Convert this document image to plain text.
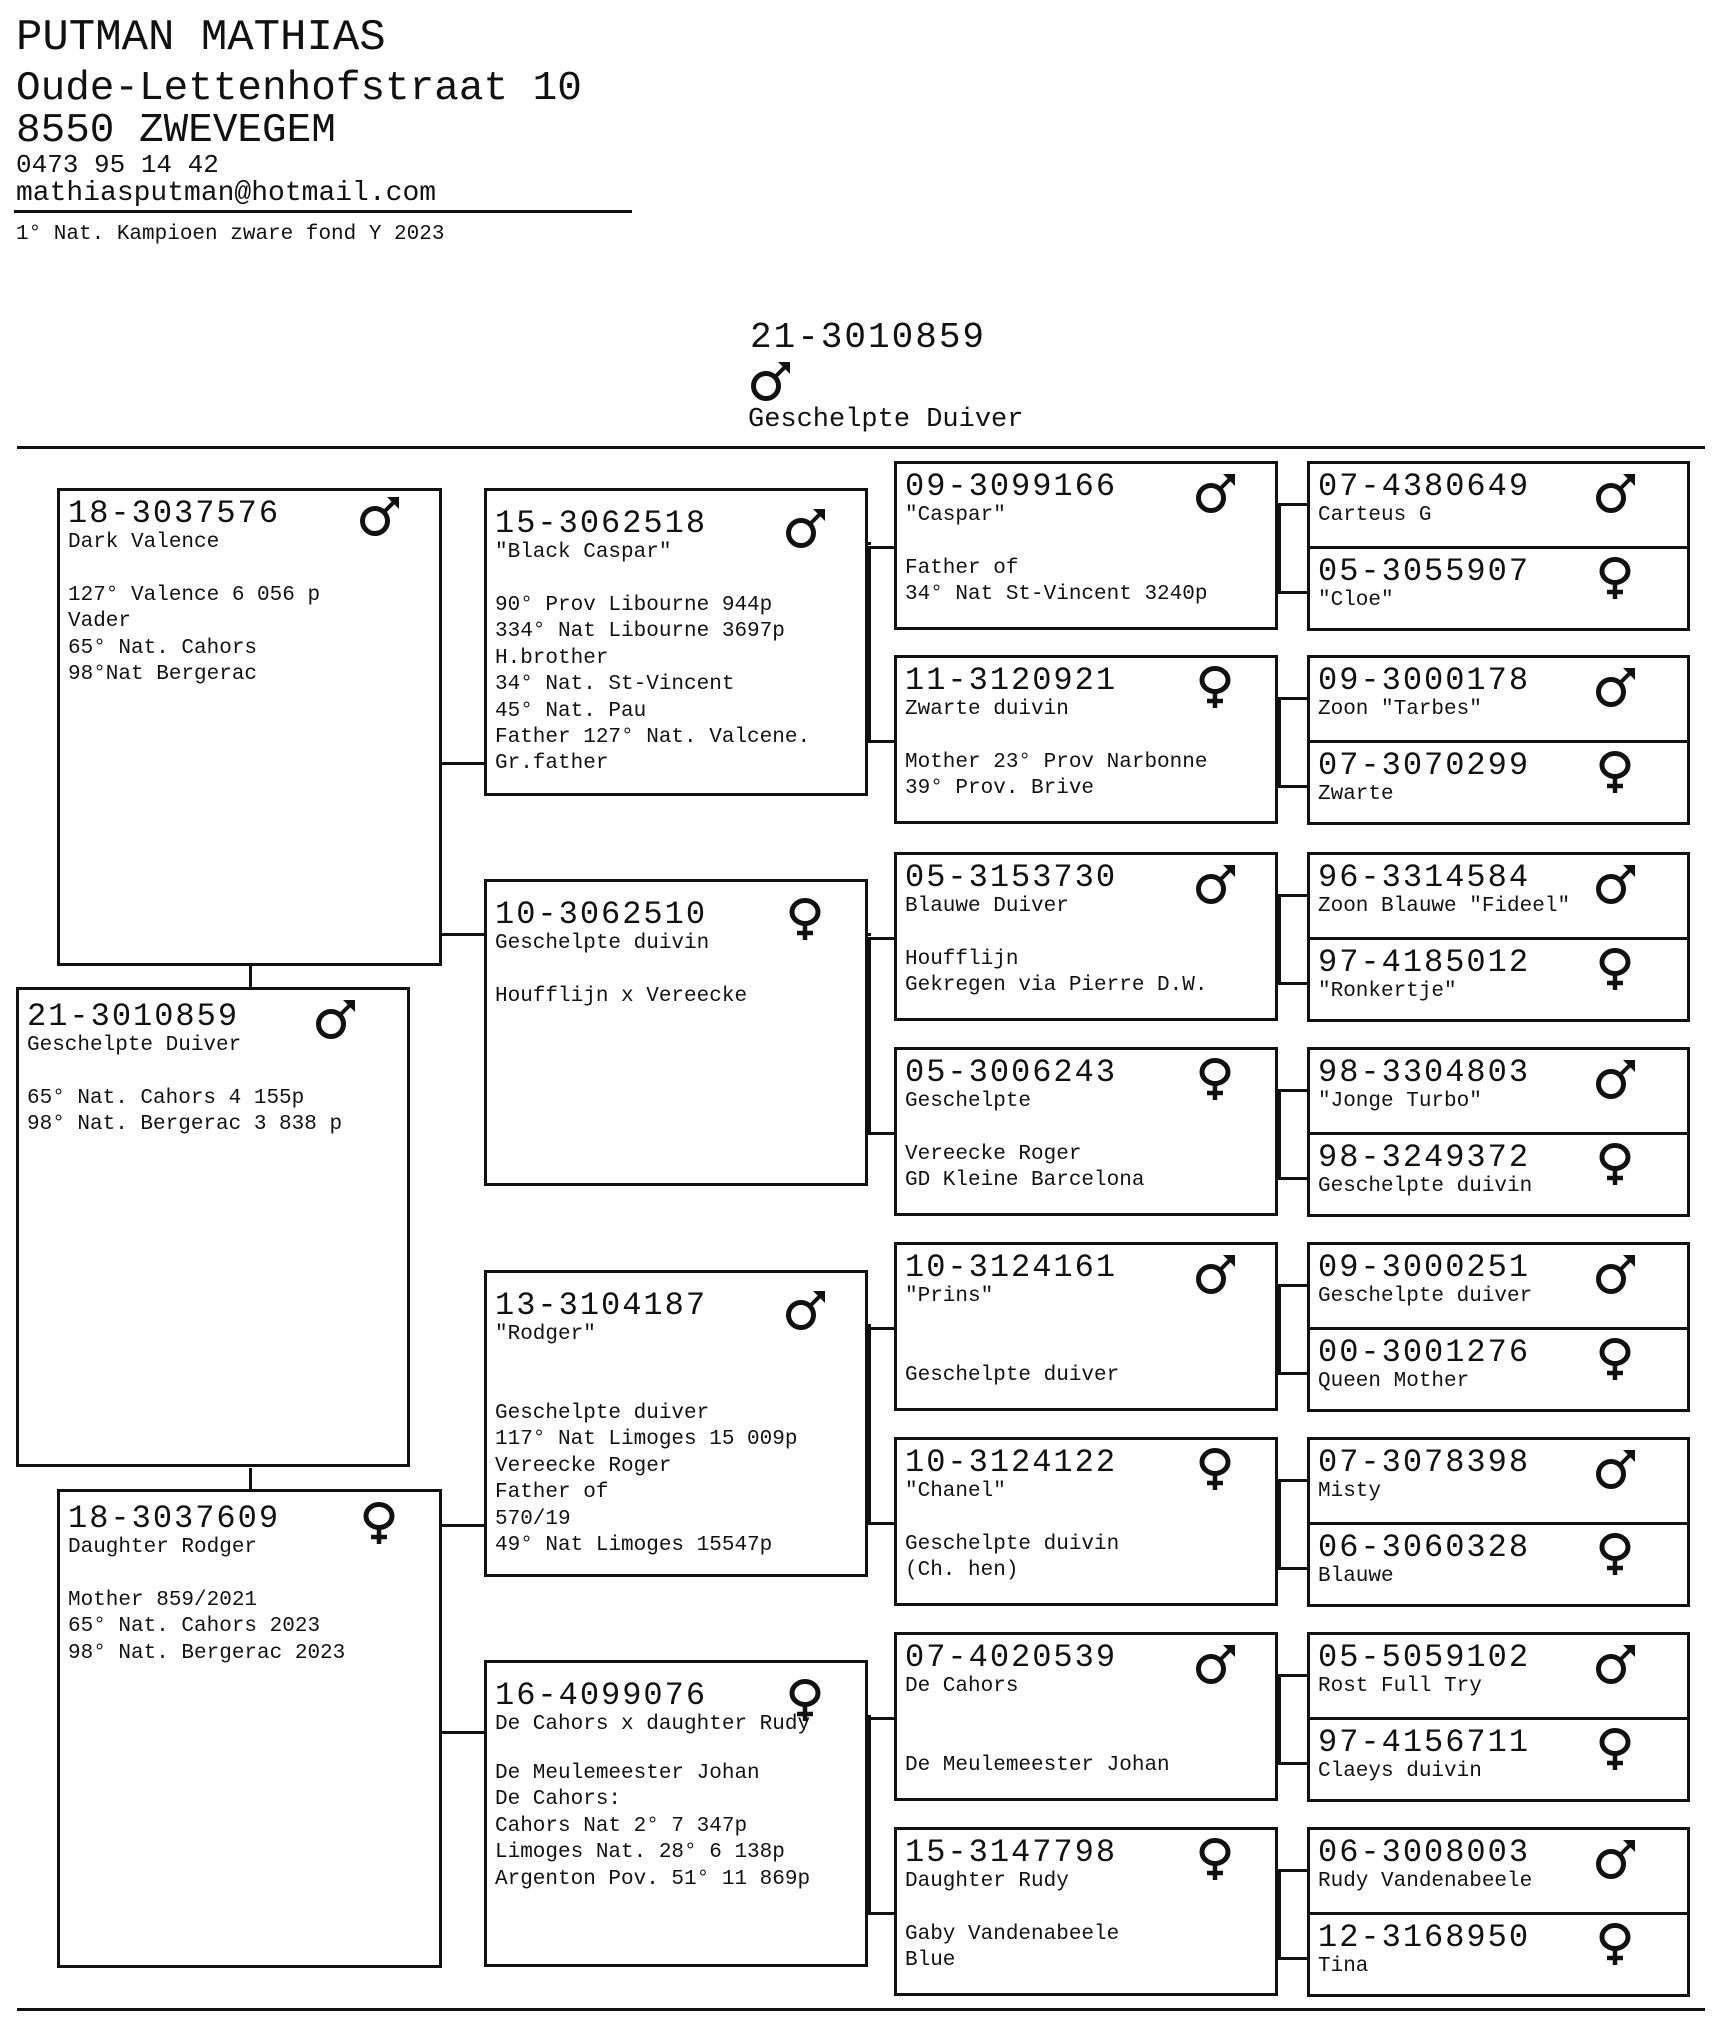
PUTMAN MATHIAS
Oude-Lettenhofstraat 10
8550 ZWEVEGEM
0473 95 14 42
mathiasputman@hotmail.com
1° Nat. Kampioen zware fond Y 2023
21-3010859
Geschelpte Duiver
18-3037576
Dark Valence
127° Valence 6 056 p
Vader
65° Nat. Cahors
98°Nat Bergerac
21-3010859
Geschelpte Duiver
65° Nat. Cahors 4 155p
98° Nat. Bergerac 3 838 p
18-3037609
Daughter Rodger
Mother 859/2021
65° Nat. Cahors 2023
98° Nat. Bergerac 2023
15-3062518
"Black Caspar"
90° Prov Libourne 944p
334° Nat Libourne 3697p
H.brother
34° Nat. St-Vincent
45° Nat. Pau
Father 127° Nat. Valcene.
Gr.father
10-3062510
Geschelpte duivin
Houfflijn x Vereecke
13-3104187
"Rodger"
Geschelpte duiver
117° Nat Limoges 15 009p
Vereecke Roger
Father of
570/19
49° Nat Limoges 15547p
16-4099076
De Cahors x daughter Rudy
De Meulemeester Johan
De Cahors:
Cahors Nat 2° 7 347p
Limoges Nat. 28° 6 138p
Argenton Pov. 51° 11 869p
09-3099166
"Caspar"
Father of
34° Nat St-Vincent 3240p
11-3120921
Zwarte duivin
Mother 23° Prov Narbonne
39° Prov. Brive
05-3153730
Blauwe Duiver
Houfflijn
Gekregen via Pierre D.W.
05-3006243
Geschelpte
Vereecke Roger
GD Kleine Barcelona
10-3124161
"Prins"

Geschelpte duiver
10-3124122
"Chanel"
Geschelpte duivin
(Ch. hen)
07-4020539
De Cahors

De Meulemeester Johan
15-3147798
Daughter Rudy
Gaby Vandenabeele
Blue
07-4380649
Carteus G
05-3055907
"Cloe"
09-3000178
Zoon "Tarbes"
07-3070299
Zwarte
96-3314584
Zoon Blauwe "Fideel"
97-4185012
"Ronkertje"
98-3304803
"Jonge Turbo"
98-3249372
Geschelpte duivin
09-3000251
Geschelpte duiver
00-3001276
Queen Mother
07-3078398
Misty
06-3060328
Blauwe
05-5059102
Rost Full Try
97-4156711
Claeys duivin
06-3008003
Rudy Vandenabeele
12-3168950
Tina
